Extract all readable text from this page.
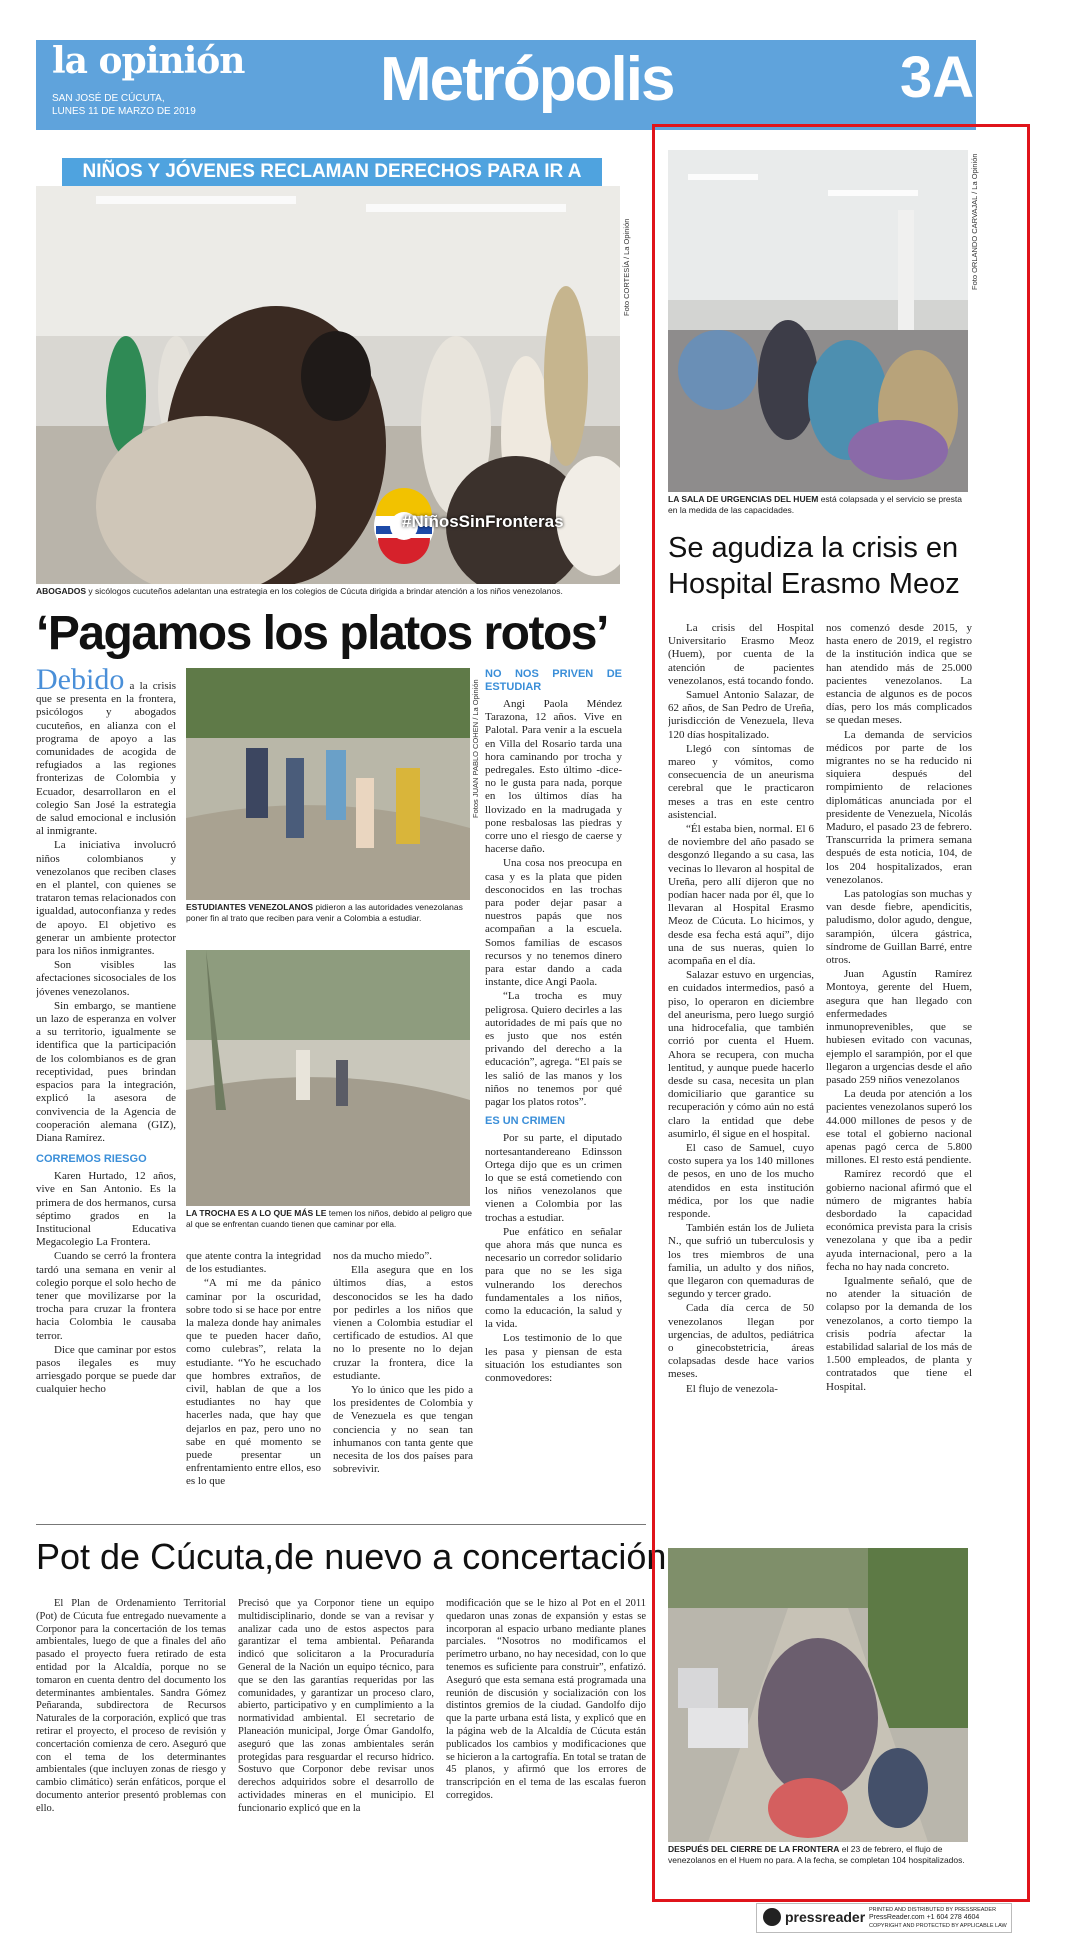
la opinión
SAN JOSÉ DE CÚCUTA,
LUNES 11 DE MARZO DE 2019	Metrópolis	3A
NIÑOS Y JÓVENES RECLAMAN DERECHOS PARA IR A
#NiñosSinFronteras
Foto CORTESÍA / La Opinión
ABOGADOS y sicólogos cucuteños adelantan una estrategia en los colegios de Cúcuta dirigida a brindar atención a los niños venezolanos.
‘Pagamos los platos rotos’

Debido a la crisis que se presenta en la frontera, psicólogos y abogados cucuteños, en alianza con el programa de apoyo a las comunidades de acogida de refugiados a las regiones fronterizas de Colombia y Ecuador, desarrollaron en el colegio San José la estrategia de salud emocional e inclusión al inmigrante.

La iniciativa involucró niños colombianos y venezolanos que reciben clases en el plantel, con quienes se trataron temas relacionados con igualdad, autoconfianza y redes de apoyo. El objetivo es generar un ambiente protector para los niños inmigrantes.

Son visibles las afectaciones sicosociales de los jóvenes venezolanos.

Sin embargo, se mantiene un lazo de esperanza en volver a su territorio, igualmente se identifica que la participación de los colombianos es de gran receptividad, pues brindan espacios para la integración, explicó la asesora de convivencia de la Agencia de cooperación alemana (GIZ), Diana Ramírez.

CORREMOS RIESGO

Karen Hurtado, 12 años, vive en San Antonio. Es la primera de dos hermanos, cursa séptimo grados en la Institucional Educativa Megacolegio La Frontera.

Cuando se cerró la frontera tardó una semana en venir al colegio porque el solo hecho de tener que movilizarse por la trocha para cruzar la frontera hacia Colombia le causaba terror.

Dice que caminar por estos pasos ilegales es muy arriesgado porque se puede dar cualquier hecho

Fotos JUAN PABLO COHEN / La Opinión
ESTUDIANTES VENEZOLANOS pidieron a las autoridades venezolanas poner fin al trato que reciben para venir a Colombia a estudiar.
LA TROCHA ES A LO QUE MÁS LE temen los niños, debido al peligro que al que se enfrentan cuando tienen que caminar por ella.

que atente contra la integridad de los estudiantes.

“A mí me da pánico caminar por la oscuridad, sobre todo si se hace por entre la maleza donde hay animales que te pueden hacer daño, como culebras”, relata la estudiante. “Yo he escuchado que hombres extraños, de civil, hablan de que a los estudiantes no hay que hacerles nada, que hay que dejarlos en paz, pero uno no sabe en qué momento se puede presentar un enfrentamiento entre ellos, eso es lo que

nos da mucho miedo”.

Ella asegura que en los últimos días, a estos desconocidos se les ha dado por pedirles a los niños que vienen a Colombia estudiar el certificado de estudios. Al que no lo presente no lo dejan cruzar la frontera, dice la estudiante.

Yo lo único que les pido a los presidentes de Colombia y de Venezuela es que tengan conciencia y no sean tan inhumanos con tanta gente que necesita de los dos países para sobrevivir.

NO NOS PRIVEN DE ESTUDIAR

Angi Paola Méndez Tarazona, 12 años. Vive en Palotal. Para venir a la escuela en Villa del Rosario tarda una hora caminando por trocha y pedregales. Esto último -dice- no le gusta para nada, porque en los últimos días ha llovizado en la madrugada y pone resbalosas las piedras y corre uno el riesgo de caerse y hacerse daño.

Una cosa nos preocupa en casa y es la plata que piden desconocidos en las trochas para poder dejar pasar a nuestros papás que nos acompañan a la escuela. Somos familias de escasos recursos y no tenemos dinero para estar dando a cada instante, dice Angi Paola.

“La trocha es muy peligrosa. Quiero decirles a las autoridades de mi país que no es justo que nos estén privando del derecho a la educación”, agrega. “El país se les salió de las manos y los niños no tenemos por qué pagar los platos rotos”.

ES UN CRIMEN

Por su parte, el diputado nortesantandereano Edinsson Ortega dijo que es un crimen lo que se está cometiendo con los niños venezolanos que vienen a Colombia por las trochas a estudiar.

Pue enfático en señalar que ahora más que nunca es necesario un corredor solidario para que no se les siga vulnerando los derechos fundamentales a los niños, como la educación, la salud y la vida.

Los testimonio de lo que les pasa y piensan de esta situación los estudiantes son conmovedores:

Pot de Cúcuta,de nuevo a concertación

El Plan de Ordenamiento Territorial (Pot) de Cúcuta fue entregado nuevamente a Corponor para la concertación de los temas ambientales, luego de que a finales del año pasado el proyecto fuera retirado de esta entidad por la Alcaldía, porque no se tomaron en cuenta dentro del documento los determinantes ambientales. Sandra Gómez Peñaranda, subdirectora de Recursos Naturales de la corporación, explicó que tras retirar el proyecto, el proceso de revisión y concertación comienza de cero. Aseguró que con el tema de los determinantes ambientales (que incluyen zonas de riesgo y cambio climático) serán enfáticos, porque el documento anterior presentó problemas con ello.

Precisó que ya Corponor tiene un equipo multidisciplinario, donde se van a revisar y analizar cada uno de estos aspectos para garantizar el tema ambiental. Peñaranda indicó que solicitaron a la Procuraduría General de la Nación un equipo técnico, para que se den las garantías requeridas por las comunidades, y garantizar un proceso claro, abierto, participativo y en cumplimiento a la normatividad ambiental. El secretario de Planeación municipal, Jorge Ómar Gandolfo, aseguró que las zonas ambientales serán protegidas para resguardar el recurso hídrico. Sostuvo que Corponor debe revisar unos derechos adquiridos sobre el desarrollo de actividades mineras en el municipio. El funcionario explicó que en la

modificación que se le hizo al Pot en el 2011 quedaron unas zonas de expansión y estas se incorporan al espacio urbano mediante planes parciales. “Nosotros no modificamos el perímetro urbano, no hay necesidad, con lo que tenemos es suficiente para construir”, enfatizó. Aseguró que esta semana está programada una reunión de discusión y socialización con los distintos gremios de la ciudad. Gandolfo dijo que la parte urbana está lista, y explicó que en la página web de la Alcaldía de Cúcuta están publicados los cambios y modificaciones que se hicieron a la cartografía. En total se tratan de 45 planos, y afirmó que los errores de transcripción en el tema de las escalas fueron corregidos.

Foto ORLANDO CARVAJAL / La Opinión
LA SALA DE URGENCIAS DEL HUEM está colapsada y el servicio se presta en la medida de las capacidades.
Se agudiza la crisis en Hospital Erasmo Meoz

La crisis del Hospital Universitario Erasmo Meoz (Huem), por cuenta de la atención de pacientes venezolanos, está tocando fondo.

Samuel Antonio Salazar, de 62 años, de San Pedro de Ureña, jurisdicción de Venezuela, lleva 120 días hospitalizado.

Llegó con síntomas de mareo y vómitos, como consecuencia de un aneurisma cerebral que le practicaron meses a tras en este centro asistencial.

“Él estaba bien, normal. El 6 de noviembre del año pasado se desgonzó llegando a su casa, las vecinas lo llevaron al hospital de Ureña, pero allí dijeron que no podían hacer nada por él, que lo llevaran al Hospital Erasmo Meoz de Cúcuta. Lo hicimos, y desde esa fecha está aquí”, dijo una de sus nueras, quien lo acompaña en el día.

Salazar estuvo en urgencias, en cuidados intermedios, pasó a piso, lo operaron en diciembre del aneurisma, pero luego surgió una hidrocefalia, que también corrió por cuenta el Huem. Ahora se recupera, con mucha lentitud, y aunque puede hacerlo desde su casa, necesita un plan domiciliario que garantice su recuperación y cómo aún no está claro la entidad que debe asumirlo, él sigue en el hospital.

El caso de Samuel, cuyo costo supera ya los 140 millones de pesos, en uno de los mucho atendidos en esta institución médica, por los que nadie responde.

También están los de Julieta N., que sufrió un tuberculosis y los tres miembros de una familia, un adulto y dos niños, que llegaron con quemaduras de segundo y tercer grado.

Cada día cerca de 50 venezolanos llegan por urgencias, de adultos, pediátrica o ginecobstetricia, áreas colapsadas desde hace varios meses.

El flujo de venezola-

nos comenzó desde 2015, y hasta enero de 2019, el registro de la institución indica que se han atendido más de 25.000 pacientes venezolanos. La estancia de algunos es de pocos días, pero los más complicados se quedan meses.

La demanda de servicios médicos por parte de los migrantes no se ha reducido ni siquiera después del rompimiento de relaciones diplomáticas anunciada por el presidente de Venezuela, Nicolás Maduro, el pasado 23 de febrero. Transcurrida la primera semana después de esta noticia, 104, de los 204 hospitalizados, eran venezolanos.

Las patologías son muchas y van desde fiebre, apendicitis, paludismo, dolor agudo, dengue, sarampión, úlcera gástrica, síndrome de Guillan Barré, entre otros.

Juan Agustín Ramírez Montoya, gerente del Huem, asegura que han llegado con enfermedades inmunoprevenibles, que se hubiesen evitado con vacunas, ejemplo el sarampión, por el que llegaron a urgencias desde el año pasado 259 niños venezolanos

La deuda por atención a los pacientes venezolanos superó los 44.000 millones de pesos y de ese total el gobierno nacional apenas pagó cerca de 5.800 millones. El resto está pendiente.

Ramírez recordó que el gobierno nacional afirmó que el número de migrantes había desbordado la capacidad económica prevista para la crisis venezolana y que iba a pedir ayuda internacional, pero a la fecha no hay nada concreto.

Igualmente señaló, que de no atender la situación de colapso por la demanda de los venezolanos, a corto tiempo la crisis podría afectar la estabilidad salarial de los más de 1.500 empleados, de planta y contratados que tiene el Hospital.

DESPUÉS DEL CIERRE DE LA FRONTERA el 23 de febrero, el flujo de venezolanos en el Huem no para. A la fecha, se completan 104 hospitalizados.
pressreader PRINTED AND DISTRIBUTED BY PRESSREADER
PressReader.com +1 604 278 4604
COPYRIGHT AND PROTECTED BY APPLICABLE LAW
